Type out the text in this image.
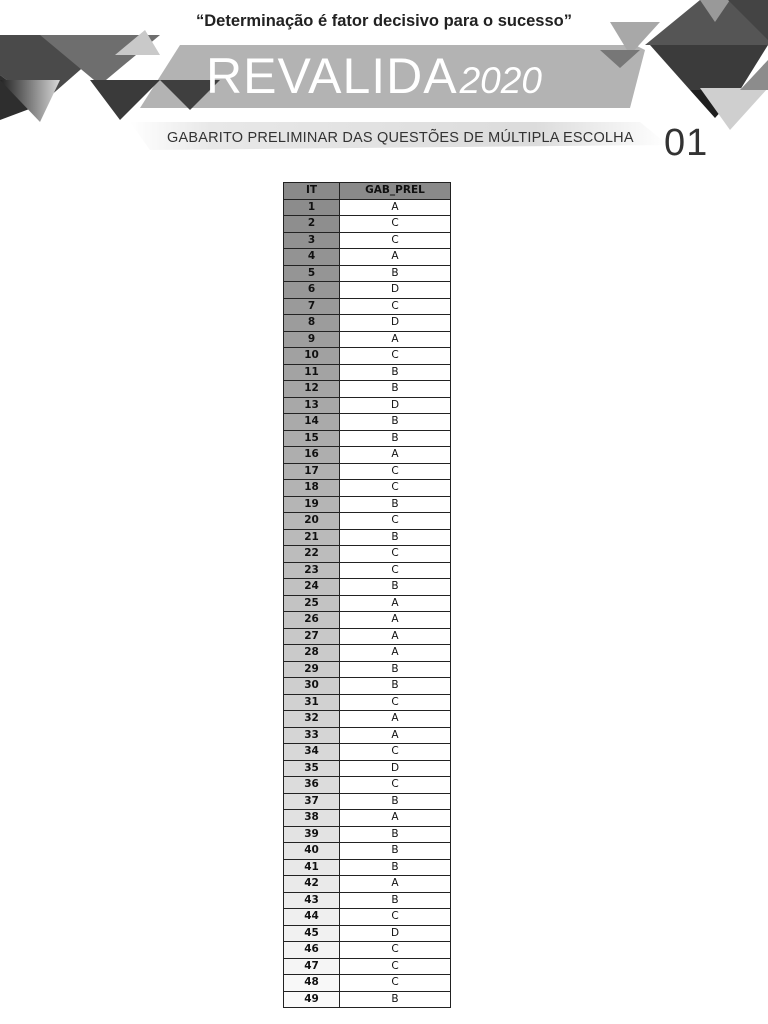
“Determinação é fator decisivo para o sucesso”
REVALIDA2020
GABARITO PRELIMINAR DAS QUESTÕES DE MÚLTIPLA ESCOLHA 01
IT	GAB_PREL
1	A
2	C
3	C
4	A
5	B
6	D
7	C
8	D
9	A
10	C
11	B
12	B
13	D
14	B
15	B
16	A
17	C
18	C
19	B
20	C
21	B
22	C
23	C
24	B
25	A
26	A
27	A
28	A
29	B
30	B
31	C
32	A
33	A
34	C
35	D
36	C
37	B
38	A
39	B
40	B
41	B
42	A
43	B
44	C
45	D
46	C
47	C
48	C
49	B
